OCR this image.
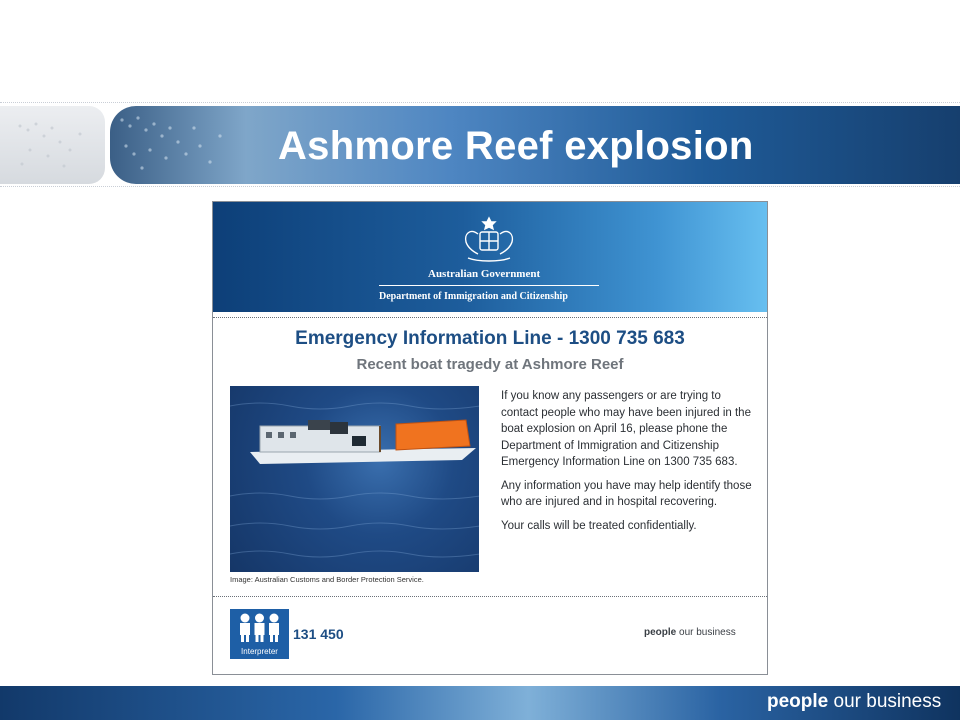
Ashmore Reef explosion
Australian Government
Department of Immigration and Citizenship
Emergency Information Line - 1300 735 683
Recent boat tragedy at Ashmore Reef
Image: Australian Customs and Border Protection Service.

If you know any passengers or are trying to contact people who may have been injured in the boat explosion on April 16, please phone the Department of Immigration and Citizenship Emergency Information Line on 1300 735 683.

Any information you have may help identify those who are injured and in hospital recovering.

Your calls will be treated confidentially.

Interpreter
131 450	people our business
people our business
